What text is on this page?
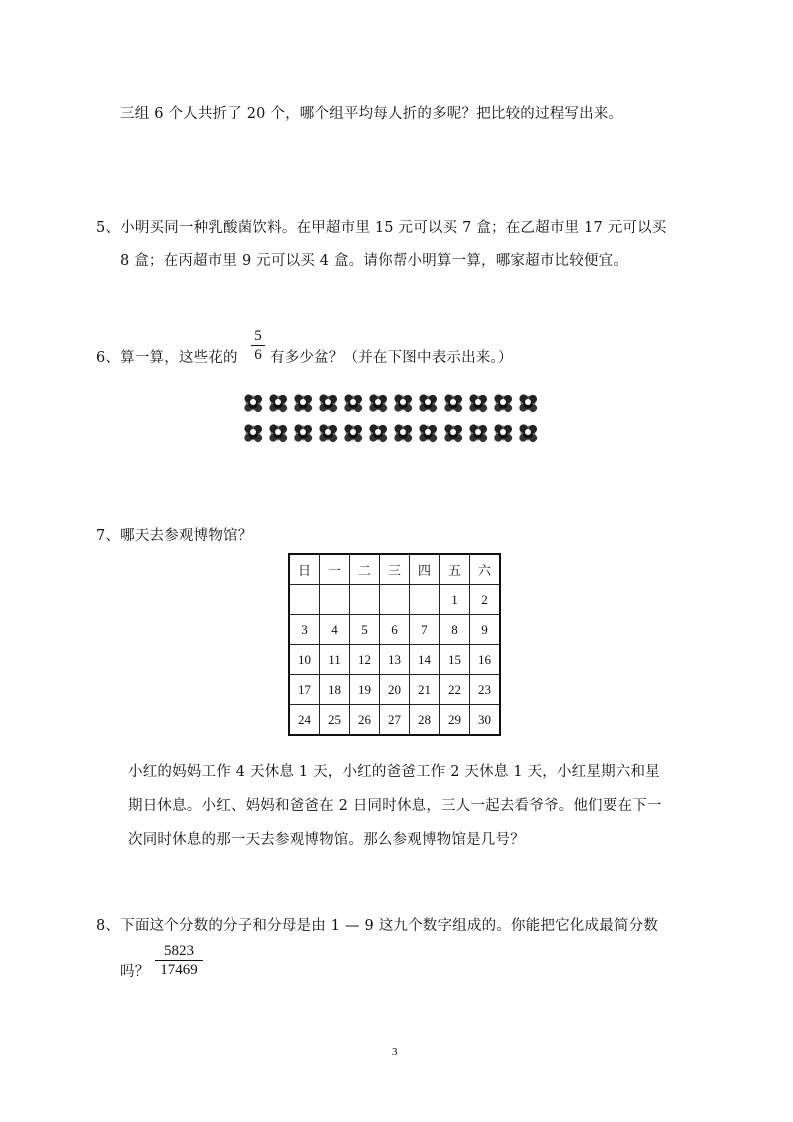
三组 6 个人共折了 20 个，哪个组平均每人折的多呢？把比较的过程写出来。
5、小明买同一种乳酸菌饮料。在甲超市里 15 元可以买 7 盒；在乙超市里 17 元可以买
8 盒；在丙超市里 9 元可以买 4 盒。请你帮小明算一算，哪家超市比较便宜。
6、算一算，这些花的
5
6 有多少盆？（并在下图中表示出来。）
7、哪天去参观博物馆？
日	一	二	三	四	五	六
					1	2
3	4	5	6	7	8	9
10	11	12	13	14	15	16
17	18	19	20	21	22	23
24	25	26	27	28	29	30
小红的妈妈工作 4 天休息 1 天，小红的爸爸工作 2 天休息 1 天，小红星期六和星
期日休息。小红、妈妈和爸爸在 2 日同时休息，三人一起去看爷爷。他们要在下一
次同时休息的那一天去参观博物馆。那么参观博物馆是几号？
8、下面这个分数的分子和分母是由 1 — 9 这九个数字组成的。你能把它化成最简分数
吗？
5823
17469
3
